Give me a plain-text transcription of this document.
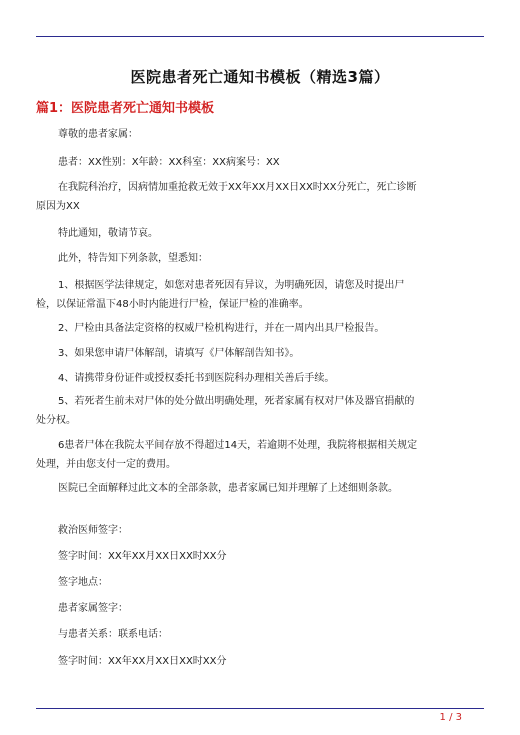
医院患者死亡通知书模板（精选3篇）
篇1：医院患者死亡通知书模板

尊敬的患者家属：

患者：XX性别：X年龄：XX科室：XX病案号：XX

在我院科治疗，因病情加重抢救无效于XX年XX月XX日XX时XX分死亡，死亡诊断原因为XX

特此通知，敬请节哀。

此外，特告知下列条款，望悉知：

1、根据医学法律规定，如您对患者死因有异议，为明确死因，请您及时提出尸检，以保证常温下48小时内能进行尸检，保证尸检的准确率。

2、尸检由具备法定资格的权威尸检机构进行，并在一周内出具尸检报告。

3、如果您申请尸体解剖，请填写《尸体解剖告知书》。

4、请携带身份证件或授权委托书到医院科办理相关善后手续。

5、若死者生前未对尸体的处分做出明确处理，死者家属有权对尸体及器官捐献的处分权。

6患者尸体在我院太平间存放不得超过14天，若逾期不处理，我院将根据相关规定处理，并由您支付一定的费用。

医院已全面解释过此文本的全部条款，患者家属已知并理解了上述细则条款。

救治医师签字：

签字时间：XX年XX月XX日XX时XX分

签字地点：

患者家属签字：

与患者关系：联系电话：

签字时间：XX年XX月XX日XX时XX分

1 / 3
